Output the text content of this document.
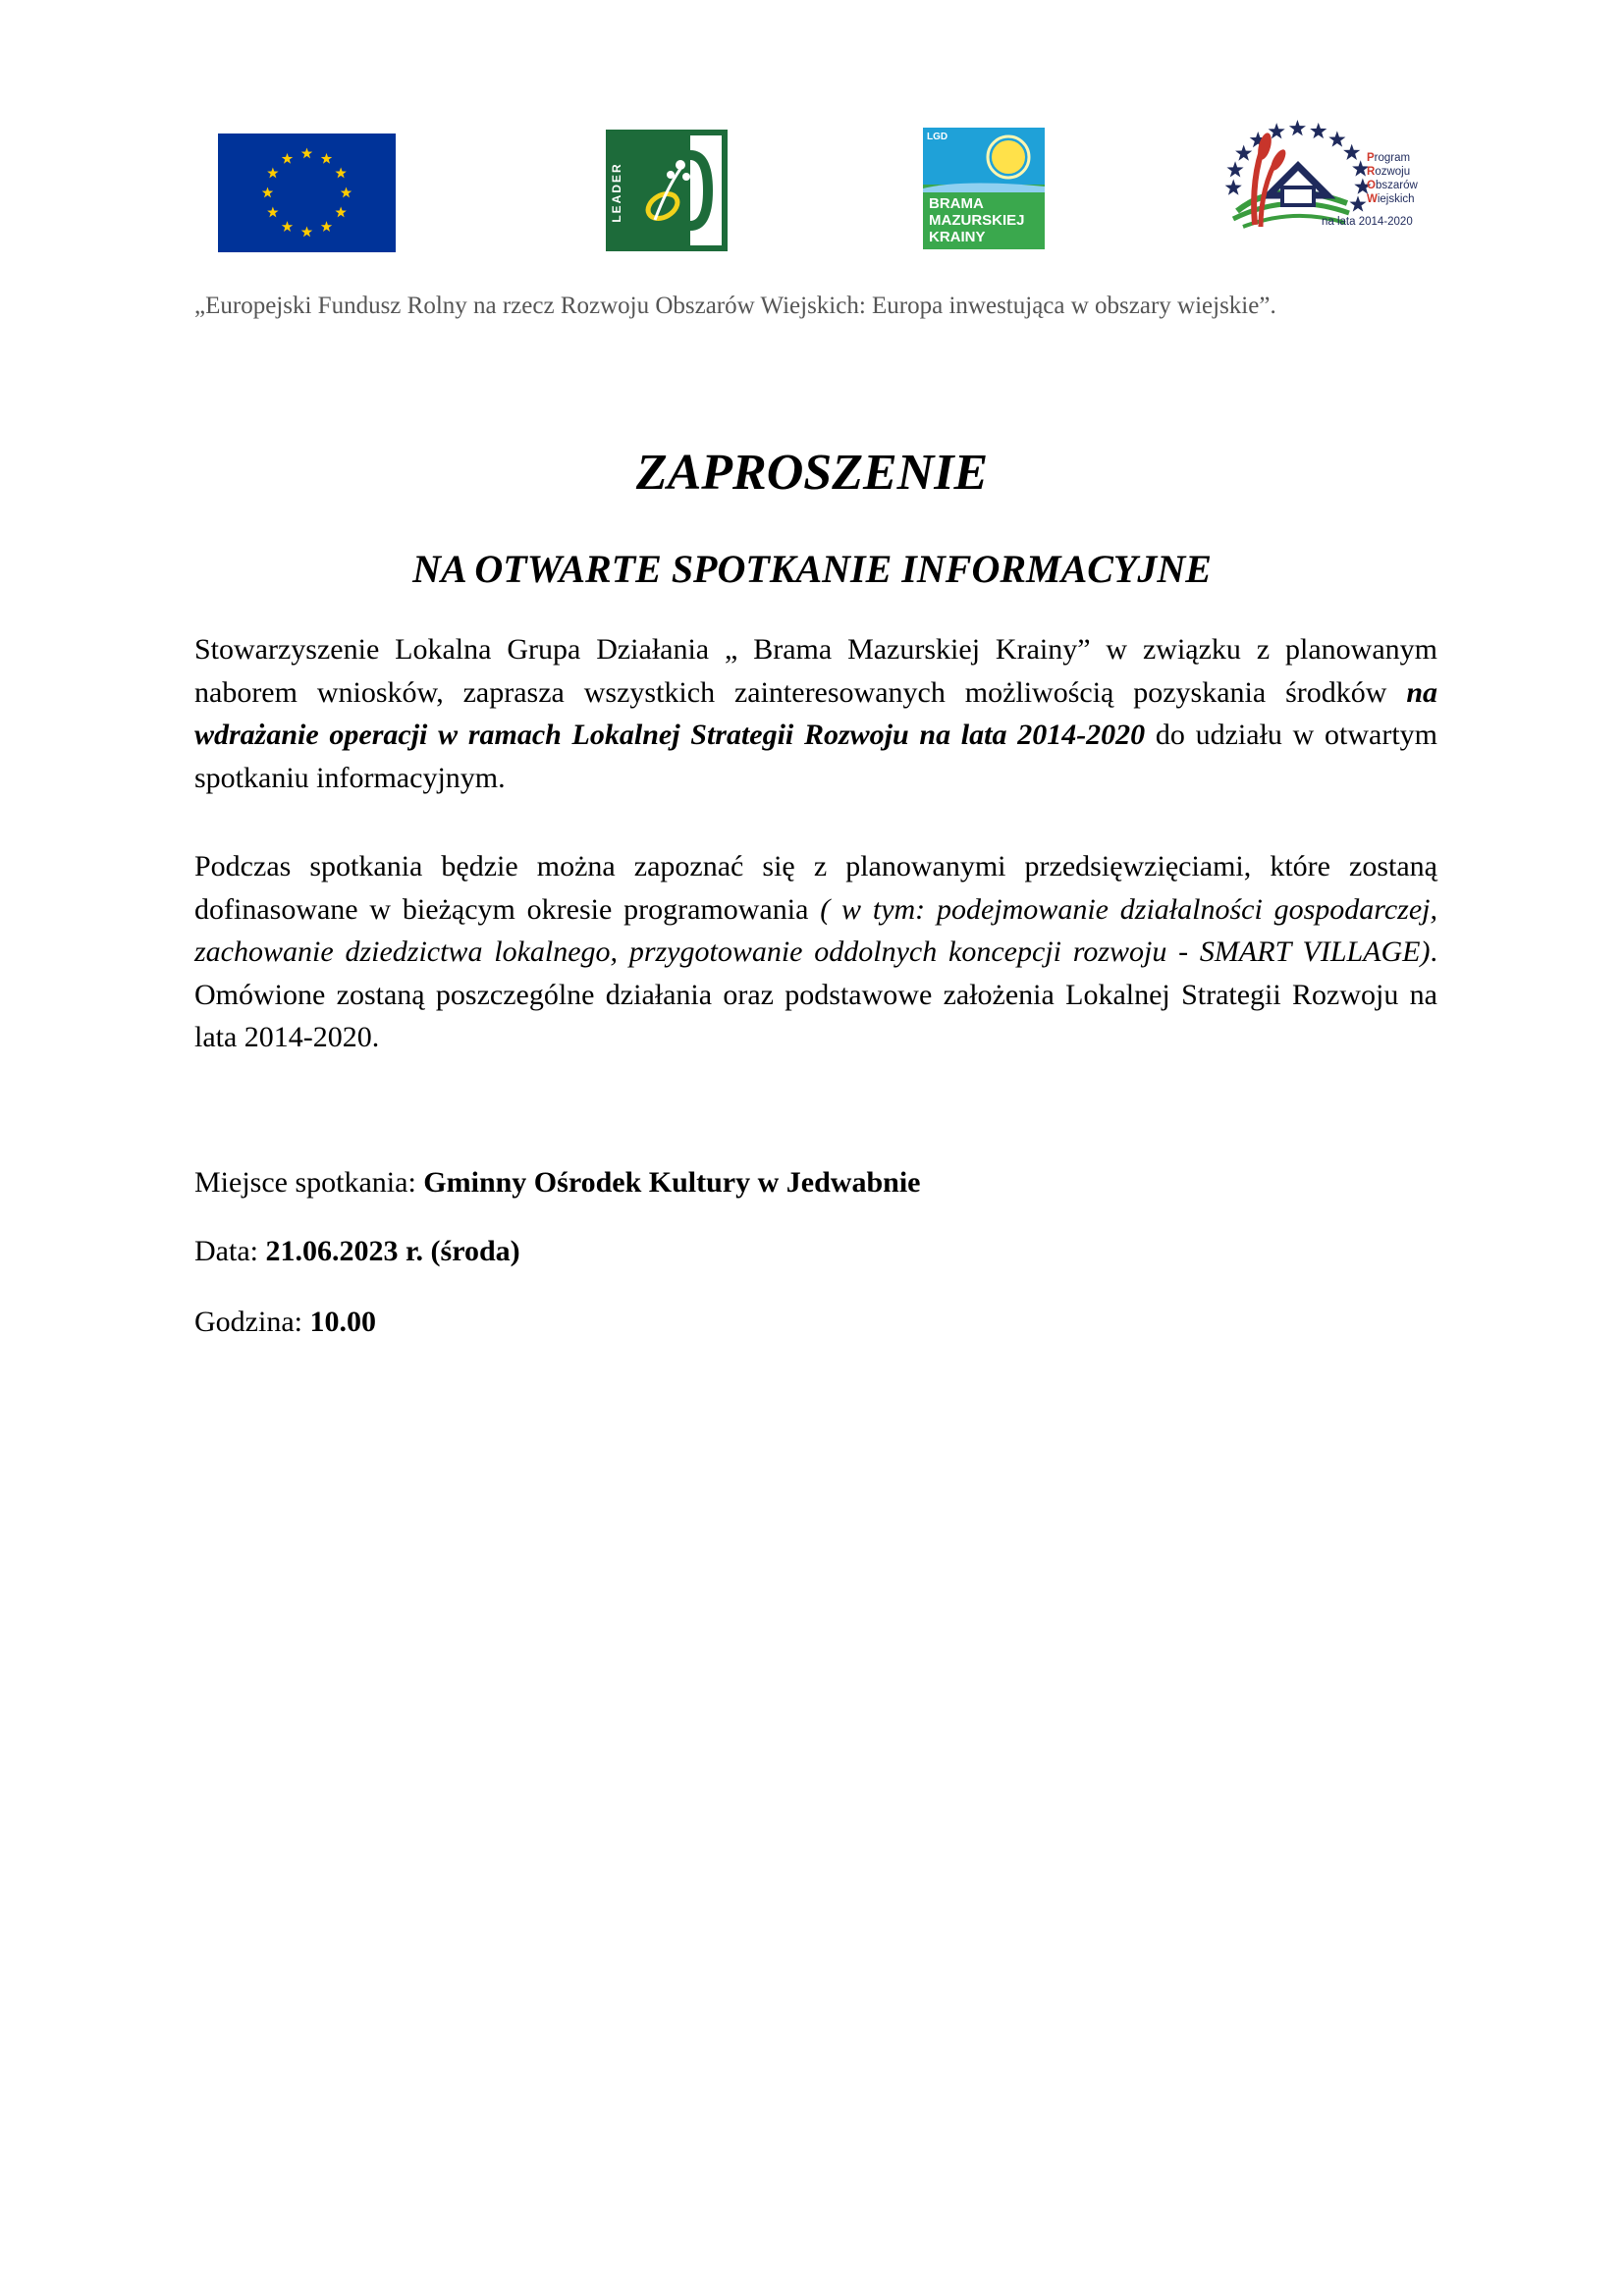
LEADER
LGD
BRAMA
MAZURSKIEJ
KRAINY
Program
Rozwoju
Obszarów
Wiejskich
na lata 2014-2020
„Europejski Fundusz Rolny na rzecz Rozwoju Obszarów Wiejskich: Europa inwestująca w obszary wiejskie”.
ZAPROSZENIE
NA OTWARTE SPOTKANIE INFORMACYJNE

Stowarzyszenie Lokalna Grupa Działania „ Brama Mazurskiej Krainy” w związku z planowanym naborem wniosków, zaprasza wszystkich zainteresowanych możliwością pozyskania środków na wdrażanie operacji w ramach Lokalnej Strategii Rozwoju na lata 2014-2020 do udziału w otwartym spotkaniu informacyjnym.

Podczas spotkania będzie można zapoznać się z planowanymi przedsięwzięciami, które zostaną dofinasowane w bieżącym okresie programowania ( w tym: podejmowanie działalności gospodarczej, zachowanie dziedzictwa lokalnego, przygotowanie oddolnych koncepcji rozwoju - SMART VILLAGE). Omówione zostaną poszczególne działania oraz podstawowe założenia Lokalnej Strategii Rozwoju na lata 2014-2020.

Miejsce spotkania: Gminny Ośrodek Kultury w Jedwabnie

Data: 21.06.2023 r. (środa)

Godzina: 10.00
